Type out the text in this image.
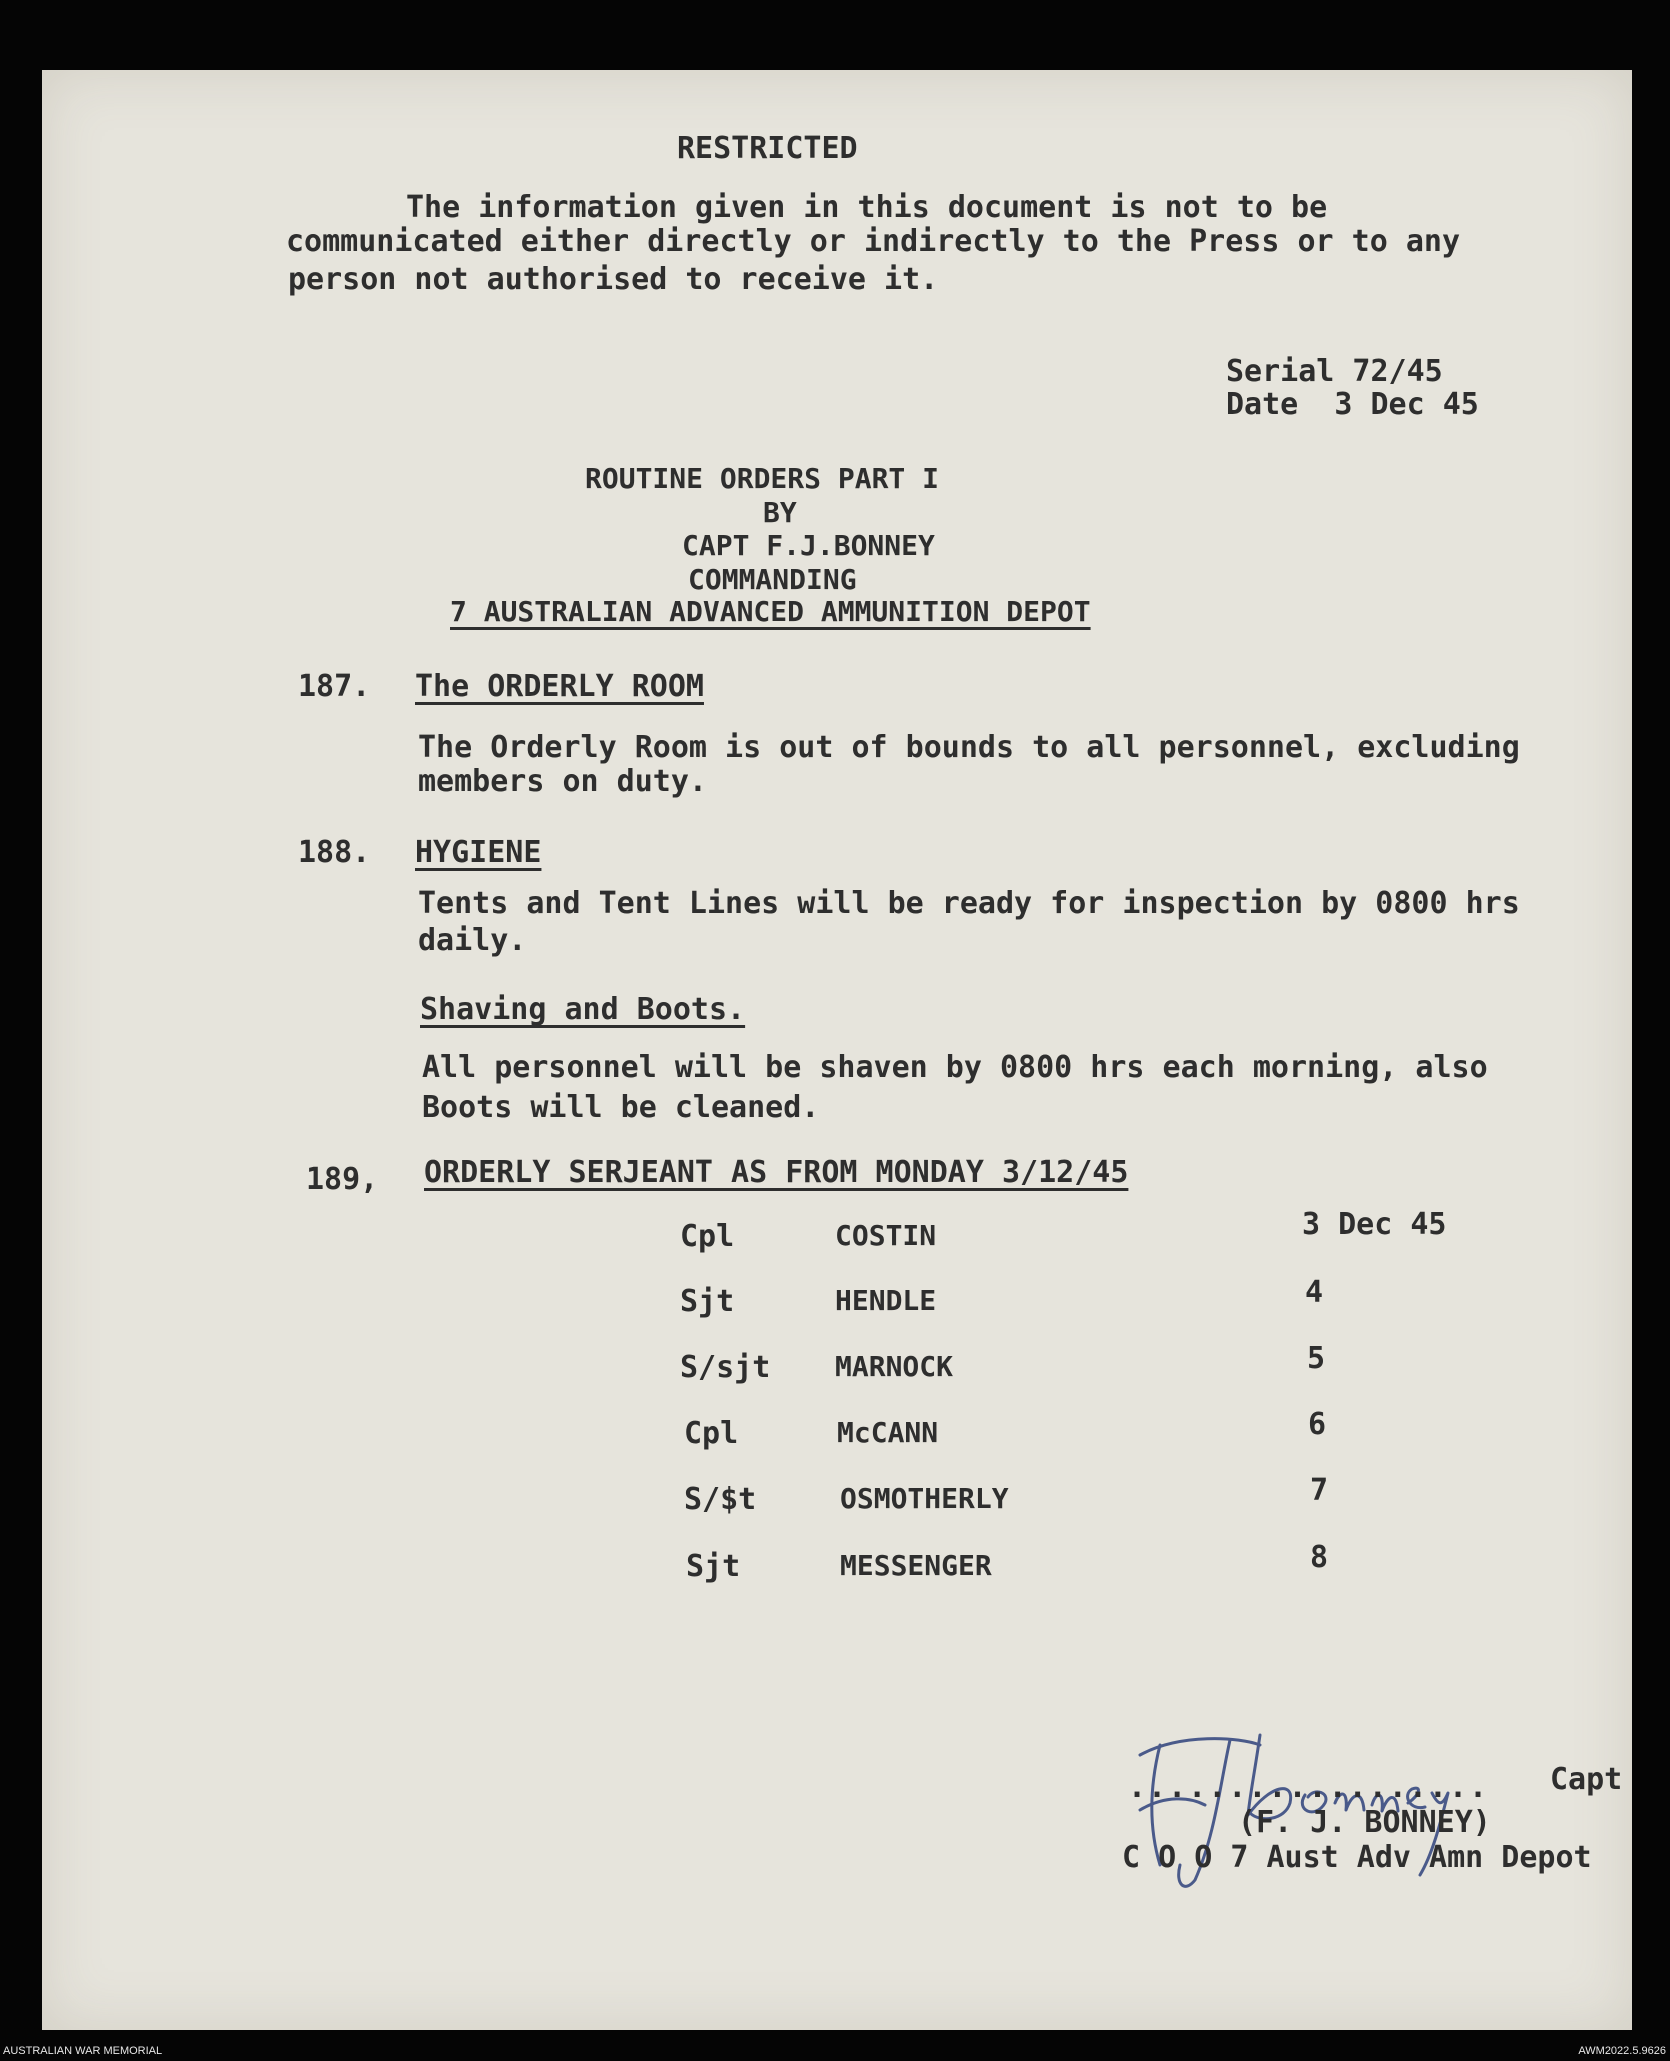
RESTRICTED
The information given in this document is not to be
communicated either directly or indirectly to the Press or to any
person not authorised to receive it.
Serial 72/45
Date  3 Dec 45
ROUTINE ORDERS PART I
BY
CAPT F.J.BONNEY
COMMANDING
7 AUSTRALIAN ADVANCED AMMUNITION DEPOT
187. The ORDERLY ROOM
The Orderly Room is out of bounds to all personnel, excluding
members on duty.
188. HYGIENE
Tents and Tent Lines will be ready for inspection by 0800 hrs
daily.
Shaving and Boots.
All personnel will be shaven by 0800 hrs each morning, also
Boots will be cleaned.
189, ORDERLY SERJEANT AS FROM MONDAY 3/12/45
Cpl	COSTIN	3 Dec 45
Sjt	HENDLE	4
S/sjt MARNOCK	5
Cpl	McCANN	6
S/$t	OSMOTHERLY	7
Sjt	MESSENGER	8
.................. Capt
(F. J. BONNEY)
C O O 7 Aust Adv Amn Depot
AUSTRALIAN WAR MEMORIAL	AWM2022.5.9626
